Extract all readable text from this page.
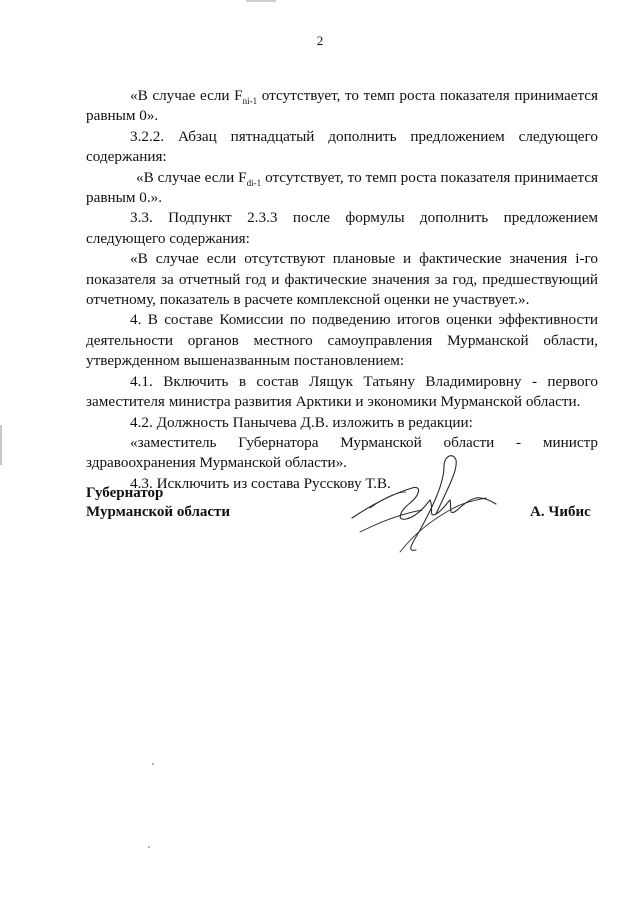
2

«В случае если $F_{ni-1}$ отсутствует, то темп роста показателя принимается равным 0».

3.2.2. Абзац пятнадцатый дополнить предложением следующего содержания:

«В случае если $F_{di-1}$ отсутствует, то темп роста показателя принимается равным 0.».

3.3. Подпункт 2.3.3 после формулы дополнить предложением следующего содержания:

«В случае если отсутствуют плановые и фактические значения i-го показателя за отчетный год и фактические значения за год, предшествующий отчетному, показатель в расчете комплексной оценки не участвует.».

4. В составе Комиссии по подведению итогов оценки эффективности деятельности органов местного самоуправления Мурманской области, утвержденном вышеназванным постановлением:

4.1. Включить в состав Лящук Татьяну Владимировну - первого заместителя министра развития Арктики и экономики Мурманской области.

4.2. Должность Панычева Д.В. изложить в редакции:

«заместитель Губернатора Мурманской области - министр здравоохранения Мурманской области».

4.3. Исключить из состава Русскову Т.В.

Губернатор
Мурманской области	А. Чибис
